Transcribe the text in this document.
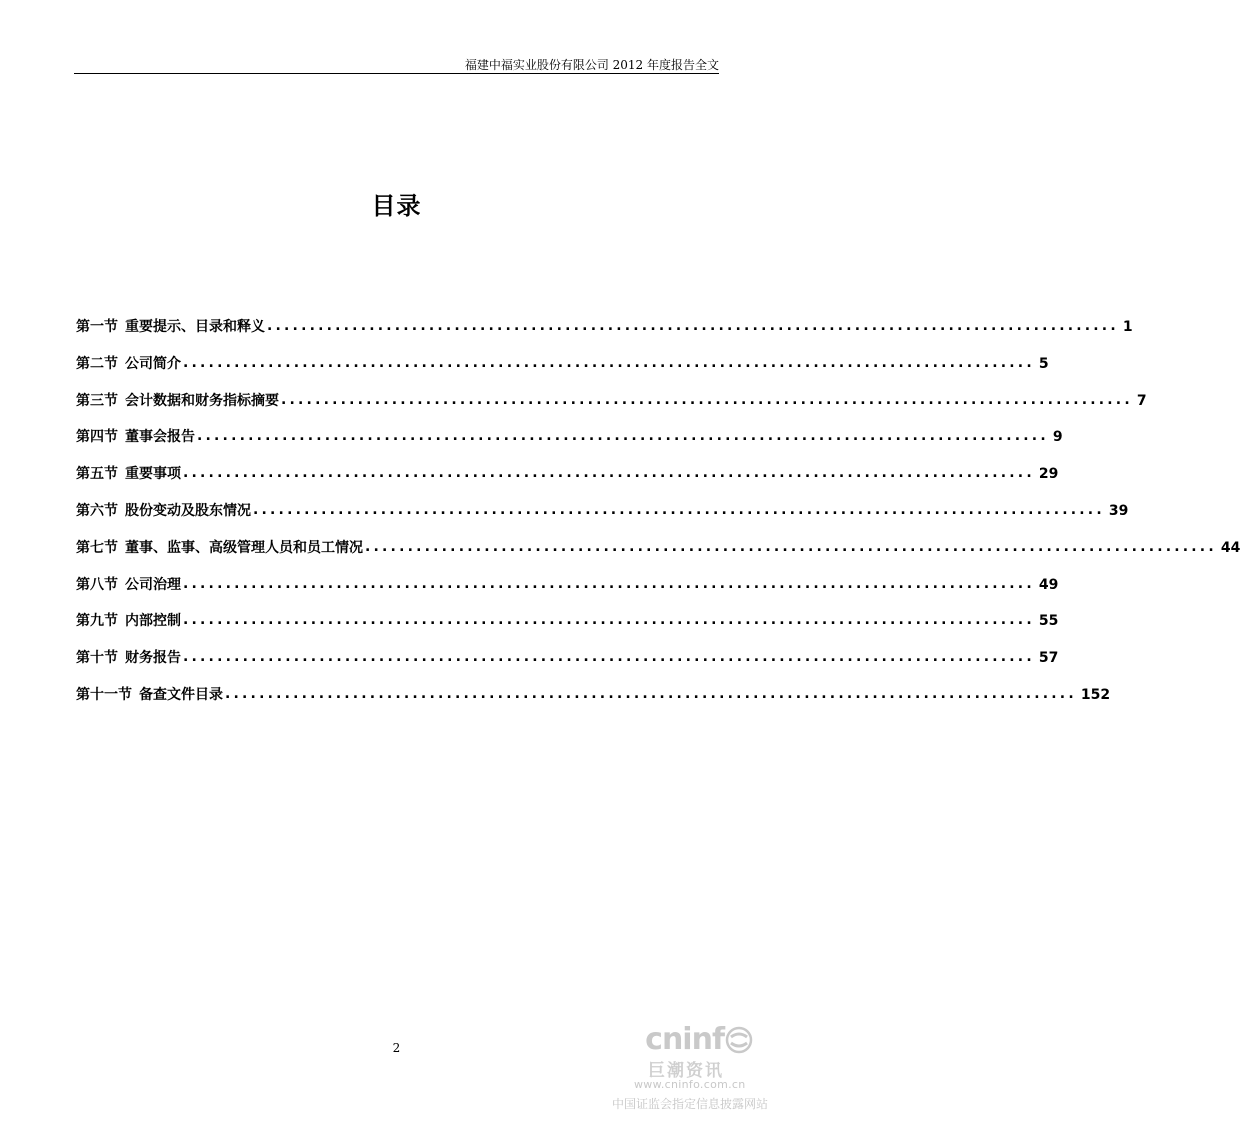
福建中福实业股份有限公司 2012 年度报告全文
目录
第一节 重要提示、目录和释义 .................................................................................................... 1
第二节 公司简介 .................................................................................................... 5
第三节 会计数据和财务指标摘要 .................................................................................................... 7
第四节 董事会报告 .................................................................................................... 9
第五节 重要事项 .................................................................................................... 29
第六节 股份变动及股东情况 .................................................................................................... 39
第七节 董事、监事、高级管理人员和员工情况 .................................................................................................... 44
第八节 公司治理 .................................................................................................... 49
第九节 内部控制 .................................................................................................... 55
第十节 财务报告 .................................................................................................... 57
第十一节 备查文件目录 .................................................................................................... 152
2	cninf
巨潮资讯
www.cninfo.com.cn
中国证监会指定信息披露网站
